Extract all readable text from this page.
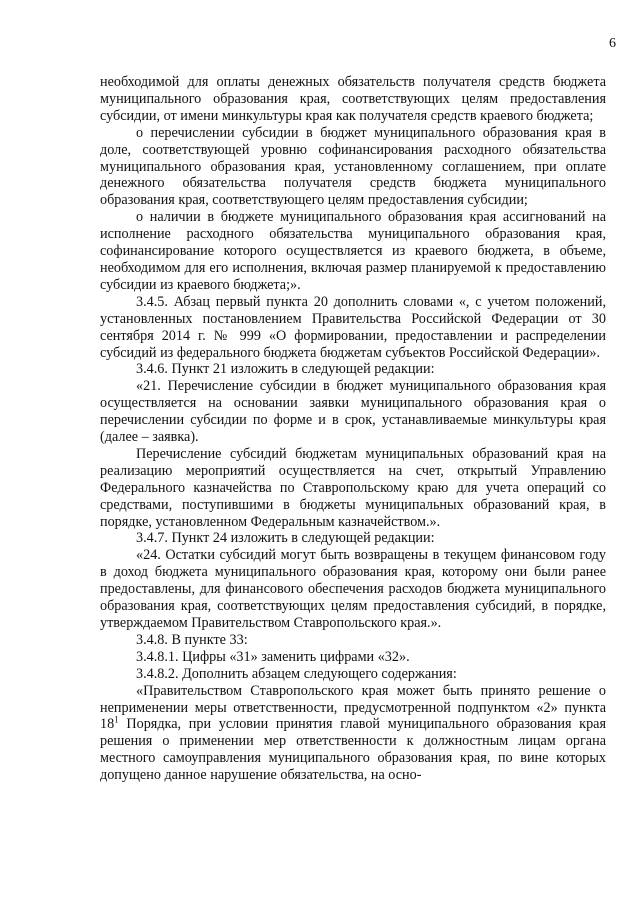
6

необходимой для оплаты денежных обязательств получателя средств бюджета муниципального образования края, соответствующих целям предоставления субсидии, от имени минкультуры края как получателя средств краевого бюджета;

о перечислении субсидии в бюджет муниципального образования края в доле, соответствующей уровню софинансирования расходного обязательства муниципального образования края, установленному соглашением, при оплате денежного обязательства получателя средств бюджета муниципального образования края, соответствующего целям предоставления субсидии;

о наличии в бюджете муниципального образования края ассигнований на исполнение расходного обязательства муниципального образования края, софинансирование которого осуществляется из краевого бюджета, в объеме, необходимом для его исполнения, включая размер планируемой к предоставлению субсидии из краевого бюджета;».

3.4.5. Абзац первый пункта 20 дополнить словами «, с учетом положений, установленных постановлением Правительства Российской Федерации от 30 сентября 2014 г. № 999 «О формировании, предоставлении и распределении субсидий из федерального бюджета бюджетам субъектов Российской Федерации».

3.4.6. Пункт 21 изложить в следующей редакции:

«21. Перечисление субсидии в бюджет муниципального образования края осуществляется на основании заявки муниципального образования края о перечислении субсидии по форме и в срок, устанавливаемые минкультуры края (далее – заявка).

Перечисление субсидий бюджетам муниципальных образований края на реализацию мероприятий осуществляется на счет, открытый Управлению Федерального казначейства по Ставропольскому краю для учета операций со средствами, поступившими в бюджеты муниципальных образований края, в порядке, установленном Федеральным казначейством.».

3.4.7. Пункт 24 изложить в следующей редакции:

«24. Остатки субсидий могут быть возвращены в текущем финансовом году в доход бюджета муниципального образования края, которому они были ранее предоставлены, для финансового обеспечения расходов бюджета муниципального образования края, соответствующих целям предоставления субсидий, в порядке, утверждаемом Правительством Ставропольского края.».

3.4.8. В пункте 33:

3.4.8.1. Цифры «31» заменить цифрами «32».

3.4.8.2. Дополнить абзацем следующего содержания:

«Правительством Ставропольского края может быть принято решение о неприменении меры ответственности, предусмотренной подпунктом «2» пункта $18^1$ Порядка, при условии принятия главой муниципального образования края решения о применении мер ответственности к должностным лицам органа местного самоуправления муниципального образования края, по вине которых допущено данное нарушение обязательства, на осно-
